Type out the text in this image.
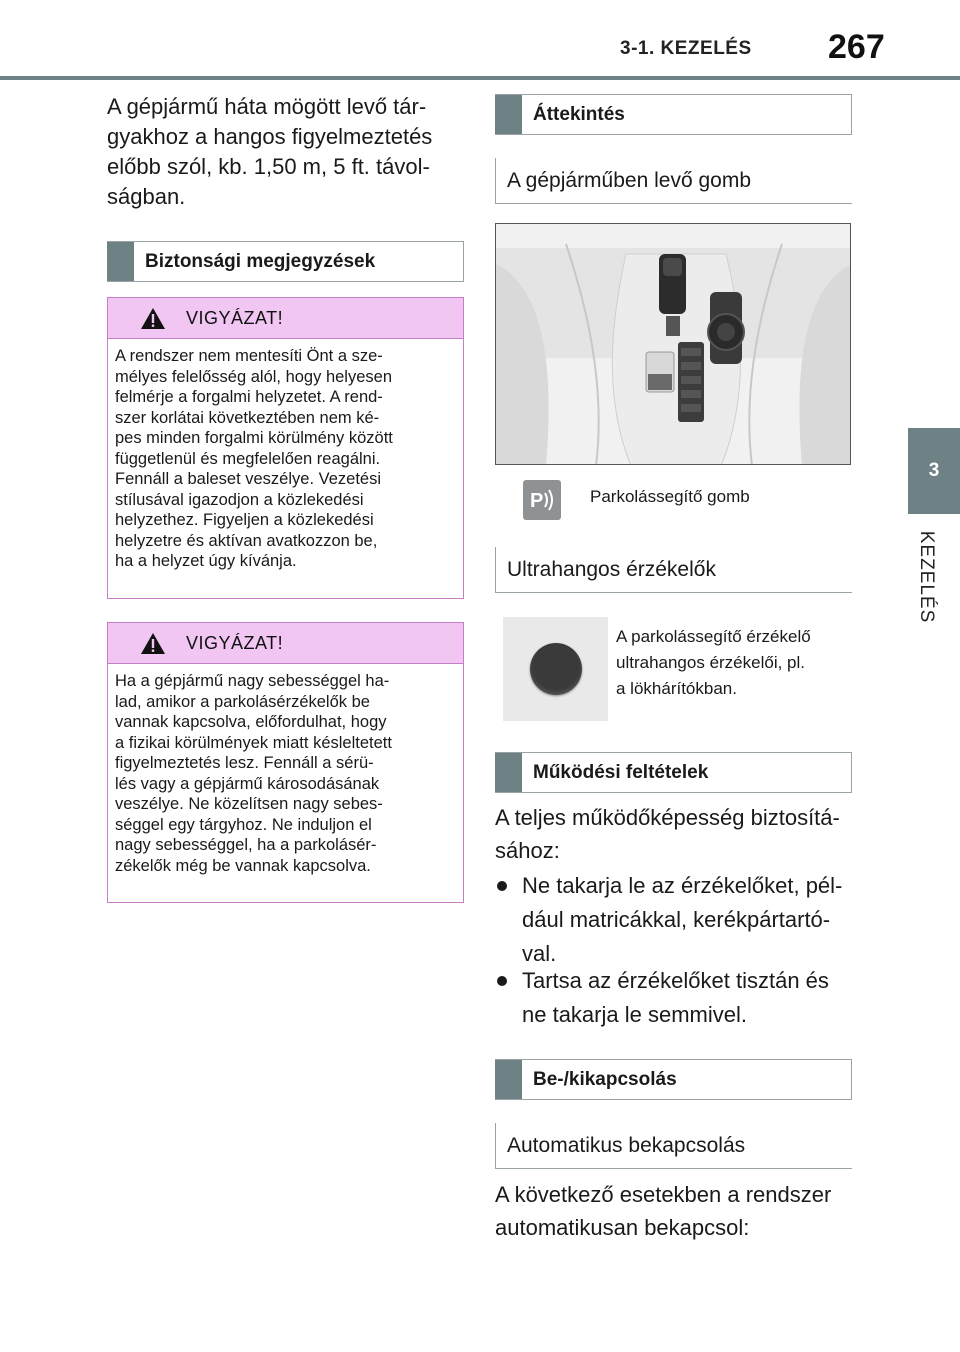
3-1. KEZELÉS 267
3
KEZELÉS
A gépjármű háta mögött levő tár-
gyakhoz a hangos figyelmeztetés
előbb szól, kb. 1,50 m, 5 ft. távol-
ságban.
Biztonsági megjegyzések
VIGYÁZAT!
A rendszer nem mentesíti Önt a sze-
mélyes felelősség alól, hogy helyesen
felmérje a forgalmi helyzetet. A rend-
szer korlátai következtében nem ké-
pes minden forgalmi körülmény között
függetlenül és megfelelően reagálni.
Fennáll a baleset veszélye. Vezetési
stílusával igazodjon a közlekedési
helyzethez. Figyeljen a közlekedési
helyzetre és aktívan avatkozzon be,
ha a helyzet úgy kívánja.
VIGYÁZAT!
Ha a gépjármű nagy sebességgel ha-
lad, amikor a parkolásérzékelők be
vannak kapcsolva, előfordulhat, hogy
a fizikai körülmények miatt késleltetett
figyelmeztetés lesz. Fennáll a sérü-
lés vagy a gépjármű károsodásának
veszélye. Ne közelítsen nagy sebes-
séggel egy tárgyhoz. Ne induljon el
nagy sebességgel, ha a parkolásér-
zékelők még be vannak kapcsolva.
Áttekintés
A gépjárműben levő gomb
P	Parkolássegítő gomb
Ultrahangos érzékelők
A parkolássegítő érzékelő
ultrahangos érzékelői, pl.
a lökhárítókban.
Működési feltételek
A teljes működőképesség biztosítá-
sához:
Ne takarja le az érzékelőket, pél-
dául matricákkal, kerékpártartó-
val.
Tartsa az érzékelőket tisztán és
ne takarja le semmivel.
Be-/kikapcsolás
Automatikus bekapcsolás
A következő esetekben a rendszer
automatikusan bekapcsol:
